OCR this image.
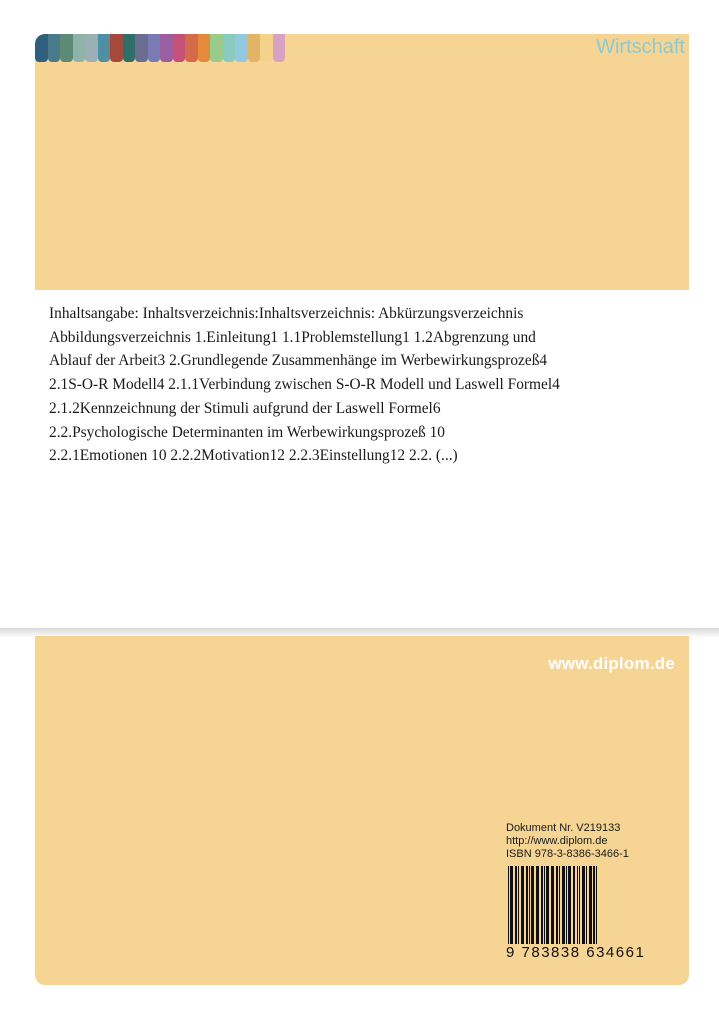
Wirtschaft
Inhaltsangabe: Inhaltsverzeichnis:Inhaltsverzeichnis: Abkürzungsverzeichnis
Abbildungsverzeichnis 1.Einleitung1 1.1Problemstellung1 1.2Abgrenzung und
Ablauf der Arbeit3 2.Grundlegende Zusammenhänge im Werbewirkungsprozeß4
2.1S-O-R Modell4 2.1.1Verbindung zwischen S-O-R Modell und Laswell Formel4
2.1.2Kennzeichnung der Stimuli aufgrund der Laswell Formel6
2.2.Psychologische Determinanten im Werbewirkungsprozeß 10
2.2.1Emotionen 10 2.2.2Motivation12 2.2.3Einstellung12 2.2. (...)
www.diplom.de
Dokument Nr. V219133
http://www.diplom.de
ISBN 978-3-8386-3466-1
9 783838 634661
